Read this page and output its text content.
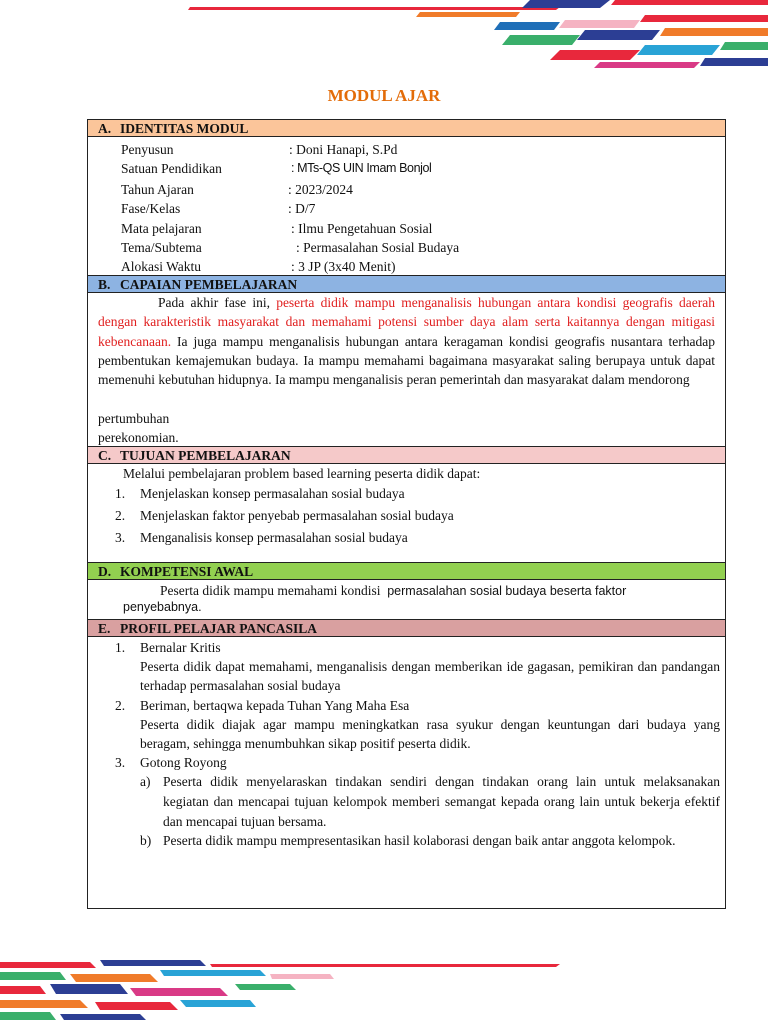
MODUL AJAR
A. IDENTITAS MODUL
Penyusun	: Doni Hanapi, S.Pd
Satuan Pendidikan	: MTs-QS UIN Imam Bonjol
Tahun Ajaran	: 2023/2024
Fase/Kelas	: D/7
Mata pelajaran	: Ilmu Pengetahuan Sosial
Tema/Subtema	: Permasalahan Sosial Budaya
Alokasi Waktu	: 3 JP (3x40 Menit)
B. CAPAIAN PEMBELAJARAN
Pada akhir fase ini, peserta didik mampu menganalisis hubungan antara kondisi geografis daerah dengan karakteristik masyarakat dan memahami potensi sumber daya alam serta kaitannya dengan mitigasi kebencanaan. Ia juga mampu menganalisis hubungan antara keragaman kondisi geografis nusantara terhadap pembentukan kemajemukan budaya. Ia mampu memahami bagaimana masyarakat saling berupaya untuk dapat memenuhi kebutuhan hidupnya. Ia mampu menganalisis peran pemerintah dan masyarakat dalam mendorong
pertumbuhan
perekonomian.
C. TUJUAN PEMBELAJARAN
Melalui pembelajaran problem based learning peserta didik dapat:
1. Menjelaskan konsep permasalahan sosial budaya
2. Menjelaskan faktor penyebab permasalahan sosial budaya
3. Menganalisis konsep permasalahan sosial budaya
D. KOMPETENSI AWAL
Peserta didik mampu memahami kondisi permasalahan sosial budaya beserta faktor
penyebabnya.
E. PROFIL PELAJAR PANCASILA
1. Bernalar Kritis
Peserta didik dapat memahami, menganalisis dengan memberikan ide gagasan, pemikiran dan pandangan terhadap permasalahan sosial budaya
2. Beriman, bertaqwa kepada Tuhan Yang Maha Esa
Peserta didik diajak agar mampu meningkatkan rasa syukur dengan keuntungan dari budaya yang beragam, sehingga menumbuhkan sikap positif peserta didik.
3. Gotong Royong
a) Peserta didik menyelaraskan tindakan sendiri dengan tindakan orang lain untuk melaksanakan kegiatan dan mencapai tujuan kelompok memberi semangat kepada orang lain untuk bekerja efektif dan mencapai tujuan bersama.
b) Peserta didik mampu mempresentasikan hasil kolaborasi dengan baik antar anggota kelompok.
